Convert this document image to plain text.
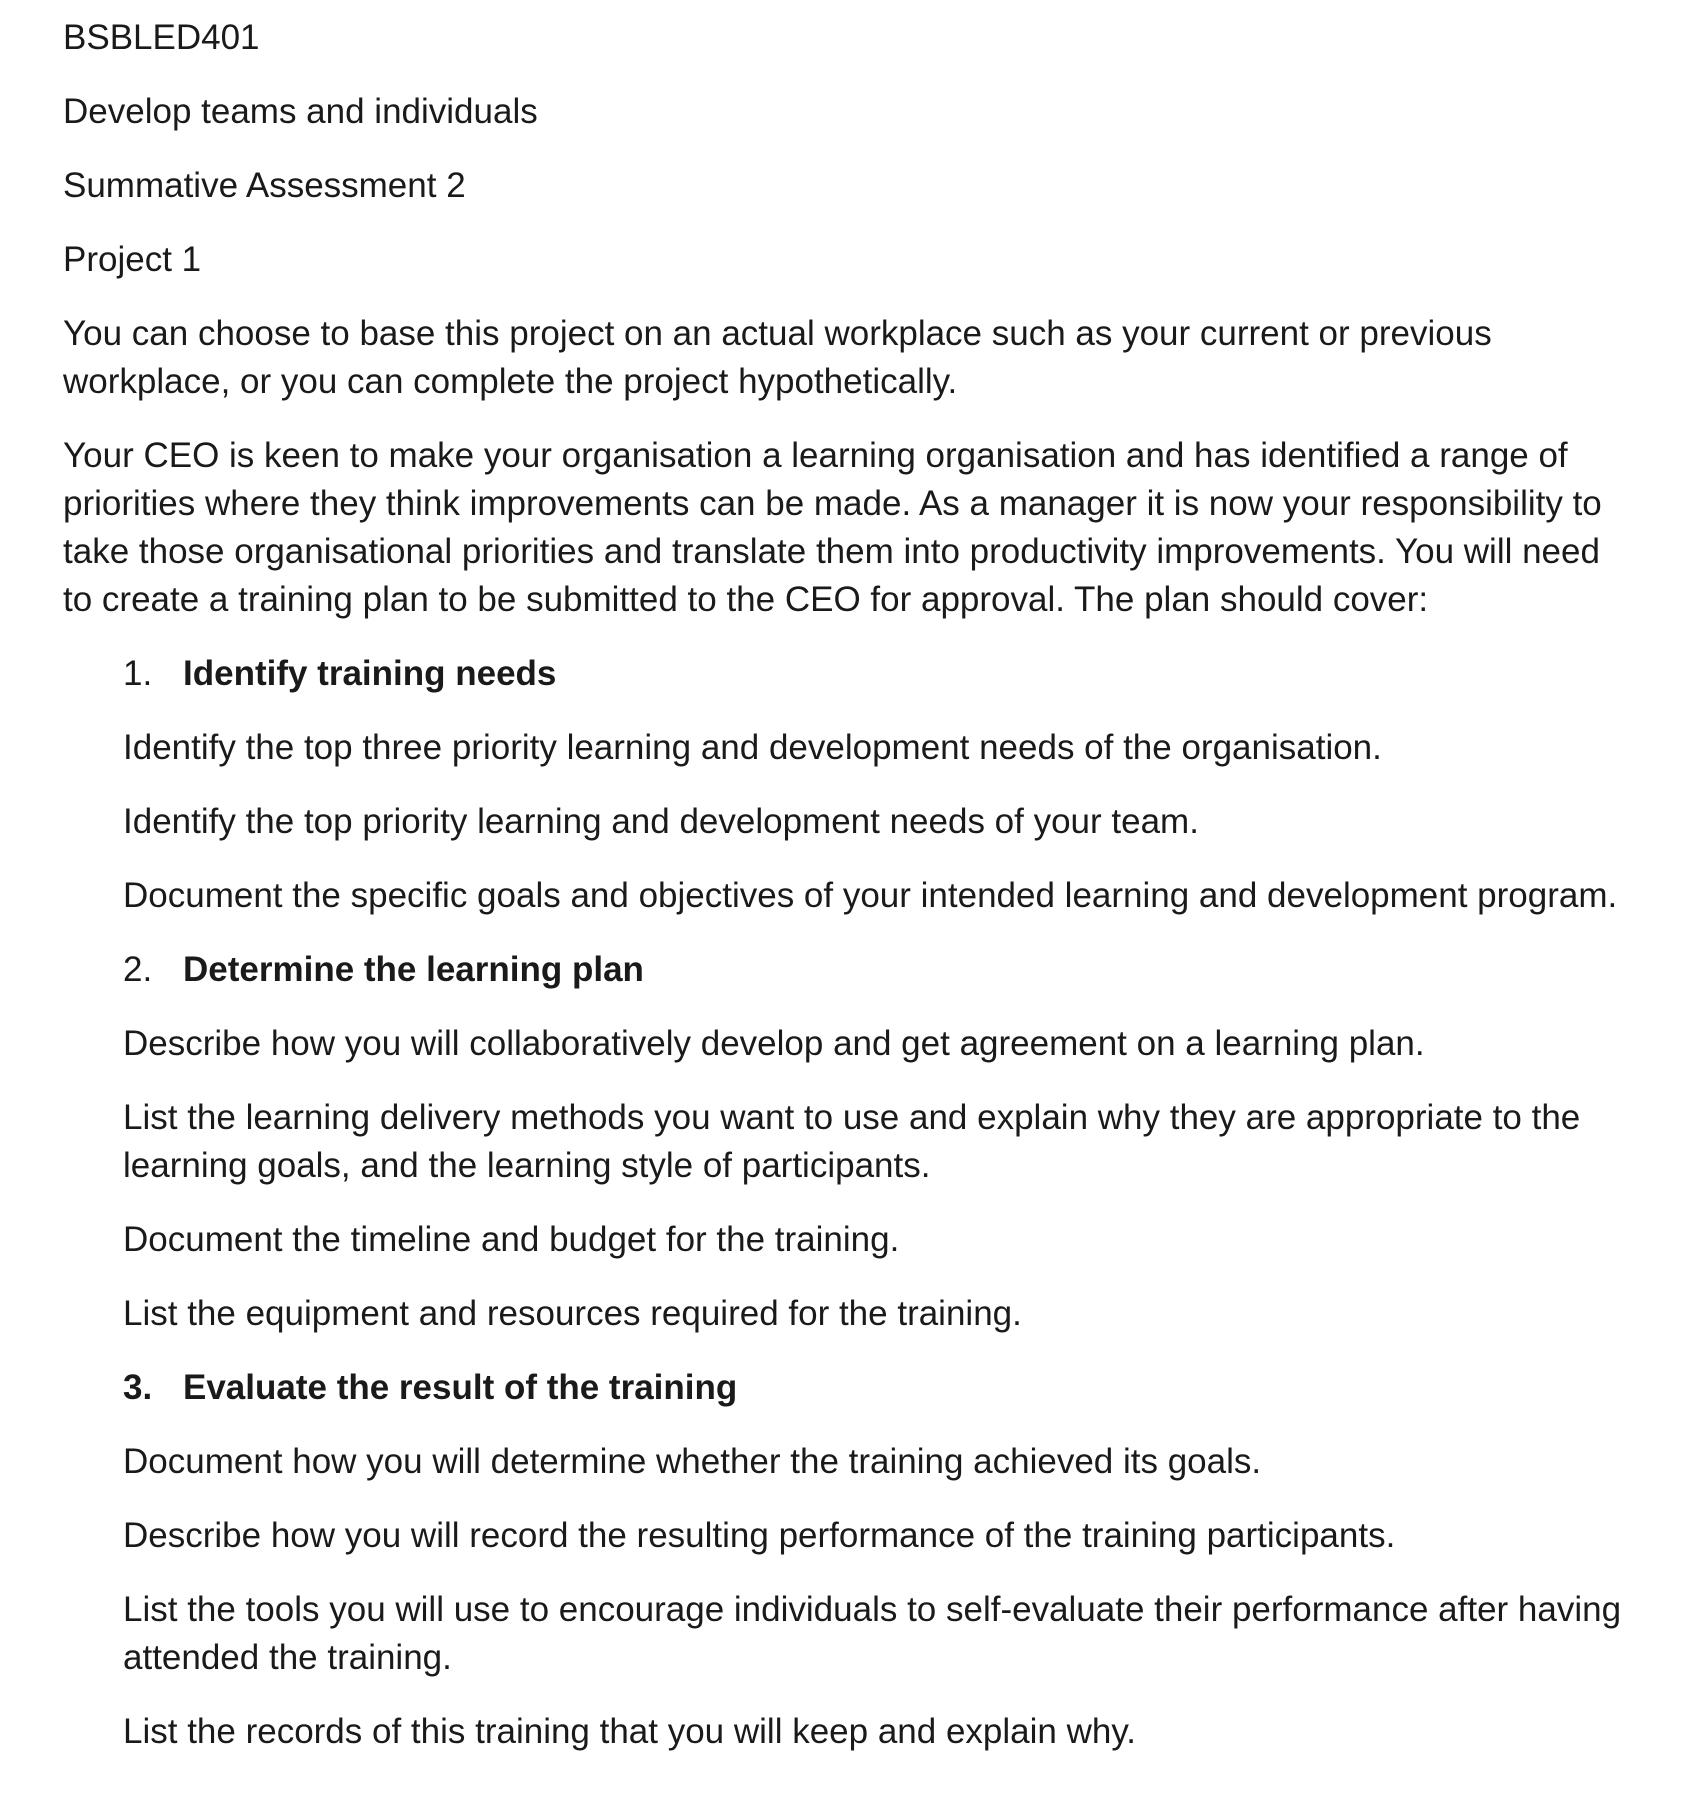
BSBLED401

Develop teams and individuals

Summative Assessment 2

Project 1

You can choose to base this project on an actual workplace such as your current or previous workplace, or you can complete the project hypothetically.

Your CEO is keen to make your organisation a learning organisation and has identified a range of priorities where they think improvements can be made. As a manager it is now your responsibility to take those organisational priorities and translate them into productivity improvements. You will need to create a training plan to be submitted to the CEO for approval. The plan should cover:

1. Identify training needs

Identify the top three priority learning and development needs of the organisation.

Identify the top priority learning and development needs of your team.

Document the specific goals and objectives of your intended learning and development program.

2. Determine the learning plan

Describe how you will collaboratively develop and get agreement on a learning plan.

List the learning delivery methods you want to use and explain why they are appropriate to the learning goals, and the learning style of participants.

Document the timeline and budget for the training.

List the equipment and resources required for the training.

3. Evaluate the result of the training

Document how you will determine whether the training achieved its goals.

Describe how you will record the resulting performance of the training participants.

List the tools you will use to encourage individuals to self-evaluate their performance after having attended the training.

List the records of this training that you will keep and explain why.
